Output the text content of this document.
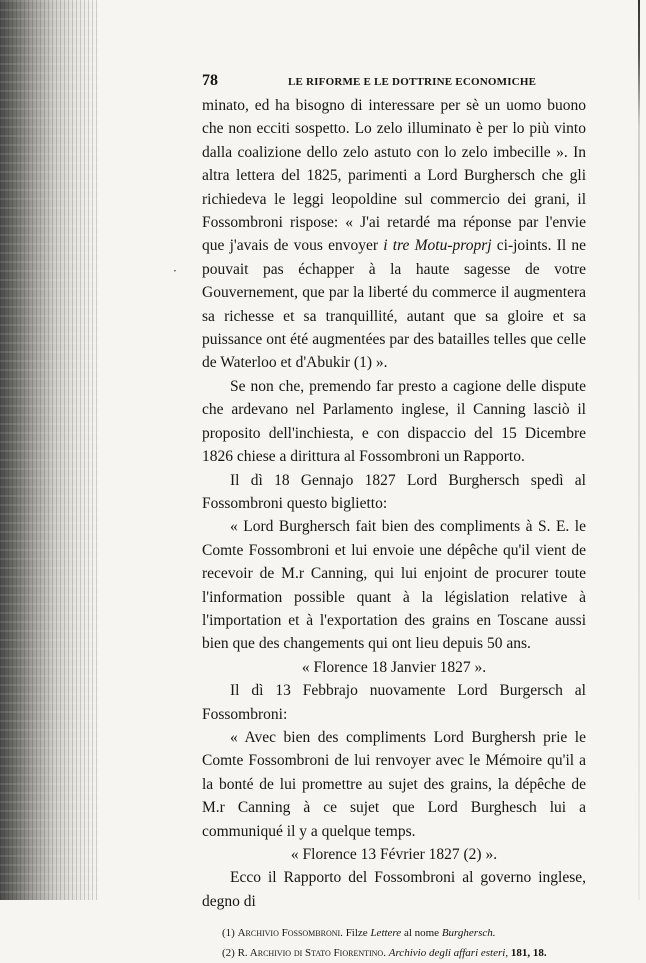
·
78	LE RIFORME E LE DOTTRINE ECONOMICHE

minato, ed ha bisogno di interessare per sè un uomo buono che non ecciti sospetto. Lo zelo illuminato è per lo più vinto dalla coalizione dello zelo astuto con lo zelo imbecille ». In altra lettera del 1825, parimenti a Lord Burghersch che gli richiedeva le leggi leopoldine sul commercio dei grani, il Fossombroni rispose: « J'ai retardé ma réponse par l'envie que j'avais de vous envoyer i tre Motu-proprj ci-joints. Il ne pouvait pas échapper à la haute sagesse de votre Gouvernement, que par la liberté du commerce il augmentera sa richesse et sa tranquillité, autant que sa gloire et sa puissance ont été augmentées par des batailles telles que celle de Waterloo et d'Abukir (1) ».

Se non che, premendo far presto a cagione delle dispute che ardevano nel Parlamento inglese, il Canning lasciò il proposito dell'inchiesta, e con dispaccio del 15 Dicembre 1826 chiese a dirittura al Fossombroni un Rapporto.

Il dì 18 Gennajo 1827 Lord Burghersch spedì al Fossombroni questo biglietto:

« Lord Burghersch fait bien des compliments à S. E. le Comte Fossombroni et lui envoie une dépêche qu'il vient de recevoir de M.r Canning, qui lui enjoint de procurer toute l'information possible quant à la législation relative à l'importation et à l'exportation des grains en Toscane aussi bien que des changements qui ont lieu depuis 50 ans.

« Florence 18 Janvier 1827 ».

Il dì 13 Febbrajo nuovamente Lord Burgersch al Fossombroni:

« Avec bien des compliments Lord Burghersh prie le Comte Fossombroni de lui renvoyer avec le Mémoire qu'il a la bonté de lui promettre au sujet des grains, la dépêche de M.r Canning à ce sujet que Lord Burghesch lui a communiqué il y a quelque temps.

« Florence 13 Février 1827 (2) ».

Ecco il Rapporto del Fossombroni al governo inglese, degno di

(1) Archivio Fossombroni. Filze Lettere al nome Burghersch.

(2) R. Archivio di Stato Fiorentino. Archivio degli affari esteri, 181, 18.
